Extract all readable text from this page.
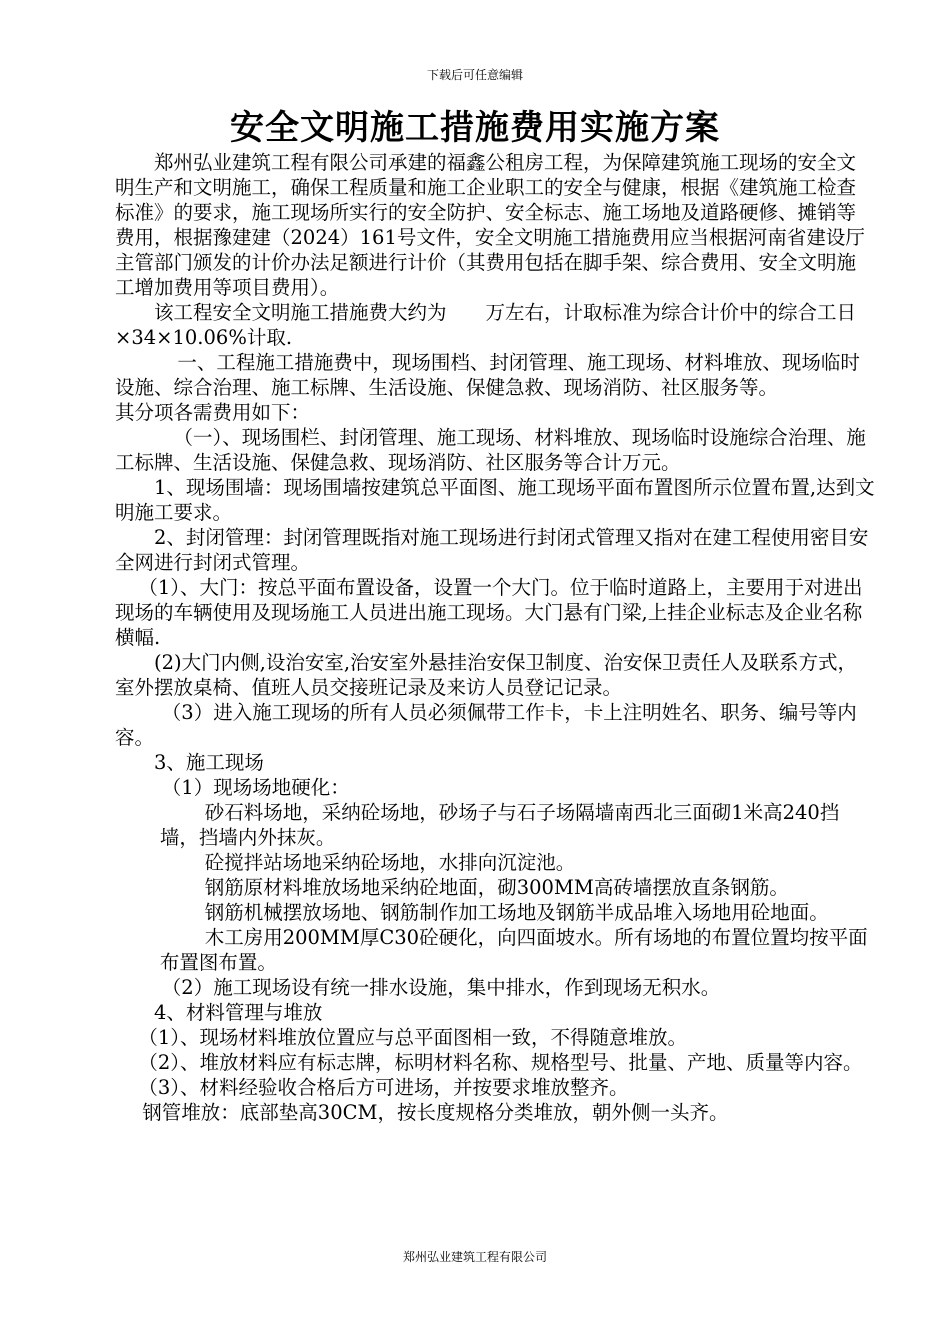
下载后可任意编辑
安全文明施工措施费用实施方案

郑州弘业建筑工程有限公司承建的福鑫公租房工程，为保障建筑施工现场的安全文明生产和文明施工，确保工程质量和施工企业职工的安全与健康，根据《建筑施工检查标准》的要求，施工现场所实行的安全防护、安全标志、施工场地及道路硬修、摊销等费用，根据豫建建（2024）161号文件，安全文明施工措施费用应当根据河南省建设厅主管部门颁发的计价办法足额进行计价（其费用包括在脚手架、综合费用、安全文明施工增加费用等项目费用）。

该工程安全文明施工措施费大约为　　万左右，计取标准为综合计价中的综合工日×34×10.06%计取.

一、工程施工措施费中，现场围档、封闭管理、施工现场、材料堆放、现场临时设施、综合治理、施工标牌、生活设施、保健急救、现场消防、社区服务等。

其分项各需费用如下：

（一）、现场围栏、封闭管理、施工现场、材料堆放、现场临时设施综合治理、施工标牌、生活设施、保健急救、现场消防、社区服务等合计万元。

1、现场围墙：现场围墙按建筑总平面图、施工现场平面布置图所示位置布置,达到文明施工要求。

2、封闭管理：封闭管理既指对施工现场进行封闭式管理又指对在建工程使用密目安全网进行封闭式管理。

（1）、大门：按总平面布置设备，设置一个大门。位于临时道路上，主要用于对进出现场的车辆使用及现场施工人员进出施工现场。大门悬有门梁,上挂企业标志及企业名称横幅.

(2)大门内侧,设治安室,治安室外悬挂治安保卫制度、治安保卫责任人及联系方式，室外摆放桌椅、值班人员交接班记录及来访人员登记记录。

（3）进入施工现场的所有人员必须佩带工作卡，卡上注明姓名、职务、编号等内容。

3、施工现场

（1）现场场地硬化：

砂石料场地，采纳砼场地，砂场子与石子场隔墙南西北三面砌1米高240挡墙，挡墙内外抹灰。

砼搅拌站场地采纳砼场地，水排向沉淀池。

钢筋原材料堆放场地采纳砼地面，砌300MM高砖墙摆放直条钢筋。

钢筋机械摆放场地、钢筋制作加工场地及钢筋半成品堆入场地用砼地面。

木工房用200MM厚C30砼硬化，向四面坡水。所有场地的布置位置均按平面布置图布置。

（2）施工现场设有统一排水设施，集中排水，作到现场无积水。

4、材料管理与堆放

（1）、现场材料堆放位置应与总平面图相一致，不得随意堆放。

（2）、堆放材料应有标志牌，标明材料名称、规格型号、批量、产地、质量等内容。

（3）、材料经验收合格后方可进场，并按要求堆放整齐。

钢管堆放：底部垫高30CM，按长度规格分类堆放，朝外侧一头齐。

郑州弘业建筑工程有限公司
